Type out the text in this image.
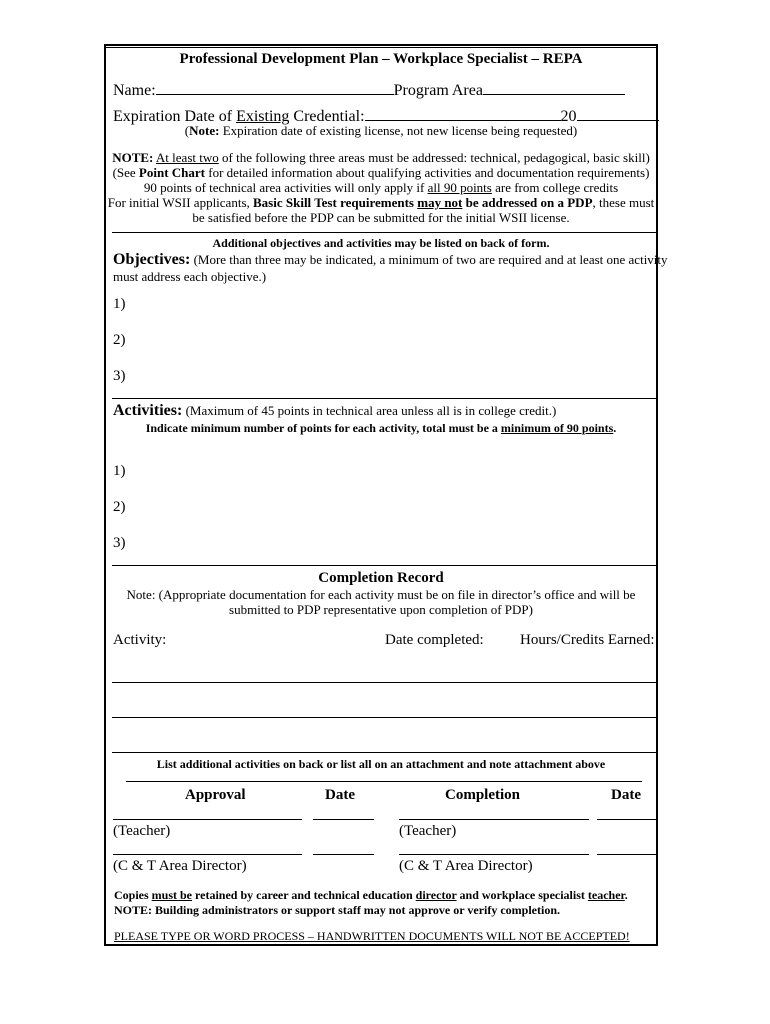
Professional Development Plan – Workplace Specialist – REPA
Name:	Program Area
Expiration Date of Existing Credential:	20
(Note: Expiration date of existing license, not new license being requested)
NOTE: At least two of the following three areas must be addressed: technical, pedagogical, basic skill)
(See Point Chart for detailed information about qualifying activities and documentation requirements)
90 points of technical area activities will only apply if all 90 points are from college credits
For initial WSII applicants, Basic Skill Test requirements may not be addressed on a PDP, these must
be satisfied before the PDP can be submitted for the initial WSII license.
Additional objectives and activities may be listed on back of form.
Objectives: (More than three may be indicated, a minimum of two are required and at least one activity
must address each objective.)
1)
2)
3)
Activities: (Maximum of 45 points in technical area unless all is in college credit.)
Indicate minimum number of points for each activity, total must be a minimum of 90 points.
1)
2)
3)
Completion Record
Note: (Appropriate documentation for each activity must be on file in director’s office and will be
submitted to PDP representative upon completion of PDP)
Activity:	Date completed: Hours/Credits Earned:
List additional activities on back or list all on an attachment and note attachment above
Approval	Date	Completion	Date
(Teacher)	(Teacher)
(C & T Area Director)	(C & T Area Director)
Copies must be retained by career and technical education director and workplace specialist teacher.
NOTE: Building administrators or support staff may not approve or verify completion.
PLEASE TYPE OR WORD PROCESS – HANDWRITTEN DOCUMENTS WILL NOT BE ACCEPTED!
